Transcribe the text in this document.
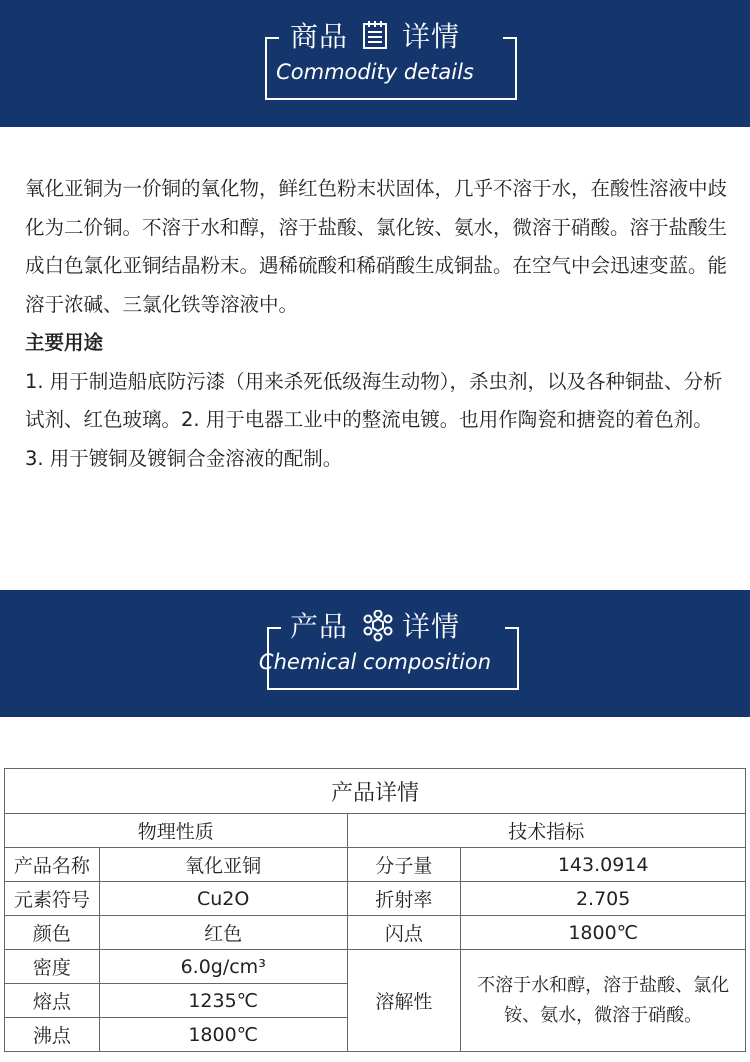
商品 详情
Commodity details

氧化亚铜为一价铜的氧化物，鲜红色粉末状固体，几乎不溶于水，在酸性溶液中歧化为二价铜。不溶于水和醇，溶于盐酸、氯化铵、氨水，微溶于硝酸。溶于盐酸生成白色氯化亚铜结晶粉末。遇稀硫酸和稀硝酸生成铜盐。在空气中会迅速变蓝。能溶于浓碱、三氯化铁等溶液中。

主要用途

1. 用于制造船底防污漆（用来杀死低级海生动物），杀虫剂，以及各种铜盐、分析试剂、红色玻璃。2. 用于电器工业中的整流电镀。也用作陶瓷和搪瓷的着色剂。3. 用于镀铜及镀铜合金溶液的配制。

产品 详情
Chemical composition
产品详情			
物理性质		技术指标	
产品名称	氧化亚铜	分子量	143.0914
元素符号	Cu2O	折射率	2.705
颜色	红色	闪点	1800℃
密度	6.0g/cm³	溶解性	不溶于水和醇，溶于盐酸、氯化铵、氨水，微溶于硝酸。
熔点	1235℃		
沸点	1800℃		
